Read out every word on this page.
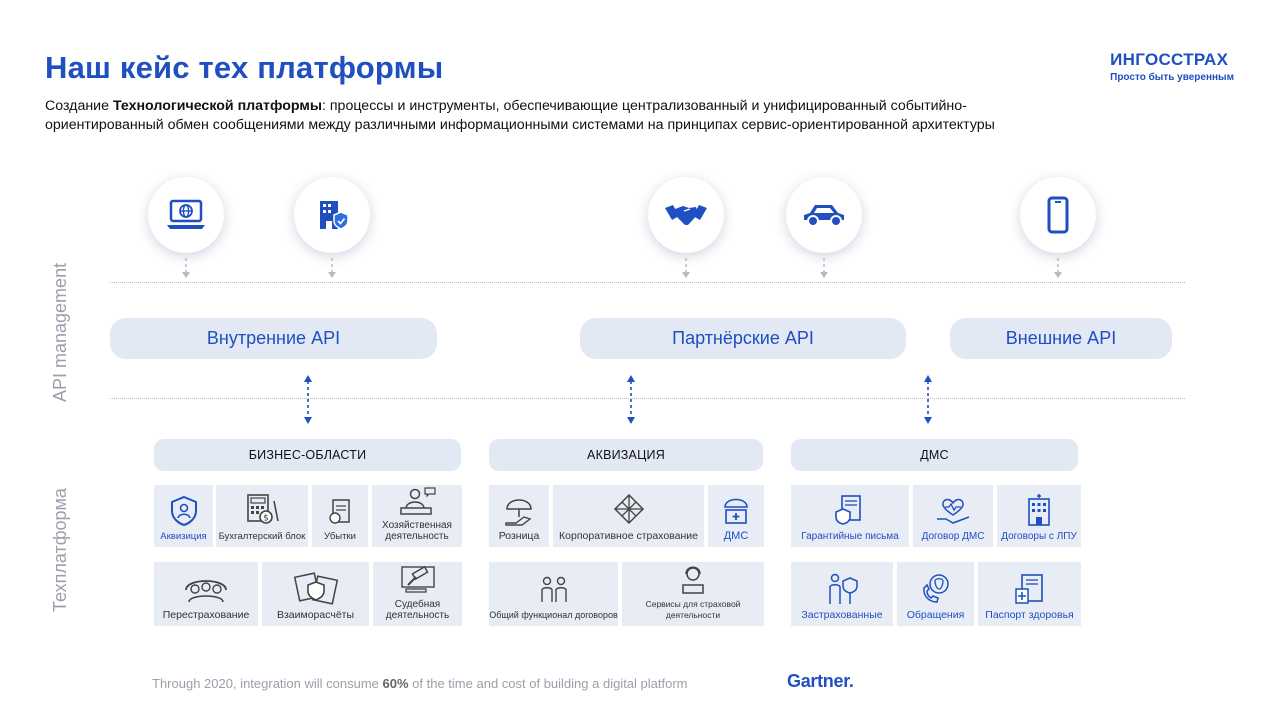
Наш кейс тех платформы	ИНГОССТРАХ
Просто быть уверенным
Создание Технологической платформы: процессы и инструменты, обеспечивающие централизованный и унифицированный событийно-ориентированный обмен сообщениями между различными информационными системами на принципах сервис-ориентированной архитектуры
API management
Техплатформа
Внутренние API	Партнёрские API	Внешние API
БИЗНЕС-ОБЛАСТИ	АКВИЗАЦИЯ	ДМС
Аквизиция
$
Бухгалтерский блок Убытки
Хозяйственная деятельность
Перестрахование	Взаиморасчёты
Судебная деятельность
Розница Корпоративное страхование ДМС
Общий функционал договоров
Сервисы для страховой деятельности
Гарантийные письма Договор ДМС Договоры с ЛПУ
Застрахованные Обращения Паспорт здоровья
Through 2020, integration will consume 60% of the time and cost of building a digital platform	Gartner.
